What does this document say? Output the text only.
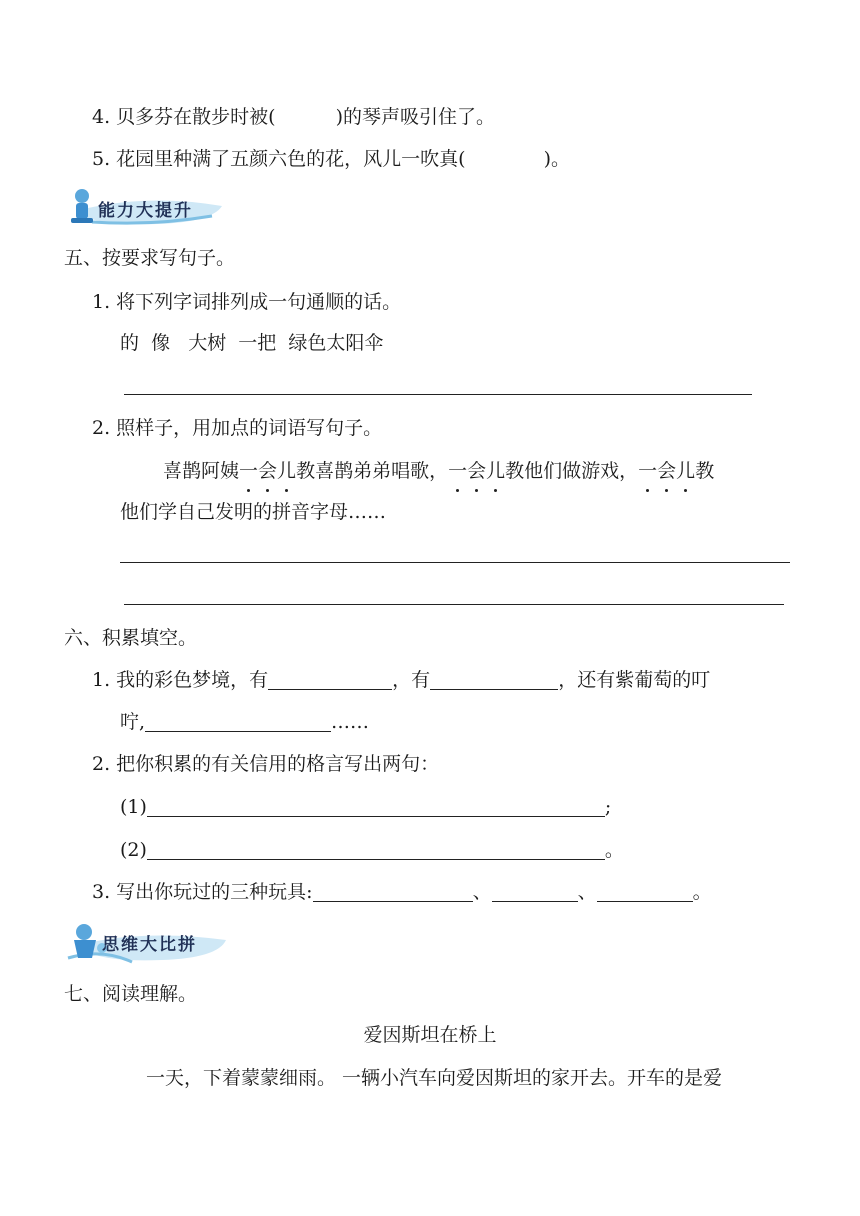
4. 贝多芬在散步时被(	)的琴声吸引住了。
5. 花园里种满了五颜六色的花，风儿一吹真(	)。
能力大提升
五、按要求写句子。
1. 将下列字词排列成一句通顺的话。
的  像   大树  一把  绿色太阳伞
2. 照样子，用加点的词语写句子。
喜鹊阿姨一会儿教喜鹊弟弟唱歌，一会儿教他们做游戏，一会儿教
他们学自己发明的拼音字母……
六、积累填空。
1. 我的彩色梦境，有	，有	，还有紫葡萄的叮
咛,	……
2. 把你积累的有关信用的格言写出两句：
(1)	;
(2)	。
3. 写出你玩过的三种玩具:	、	、	。
思维大比拼
七、阅读理解。
爱因斯坦在桥上
一天，下着蒙蒙细雨。 一辆小汽车向爱因斯坦的家开去。开车的是爱
